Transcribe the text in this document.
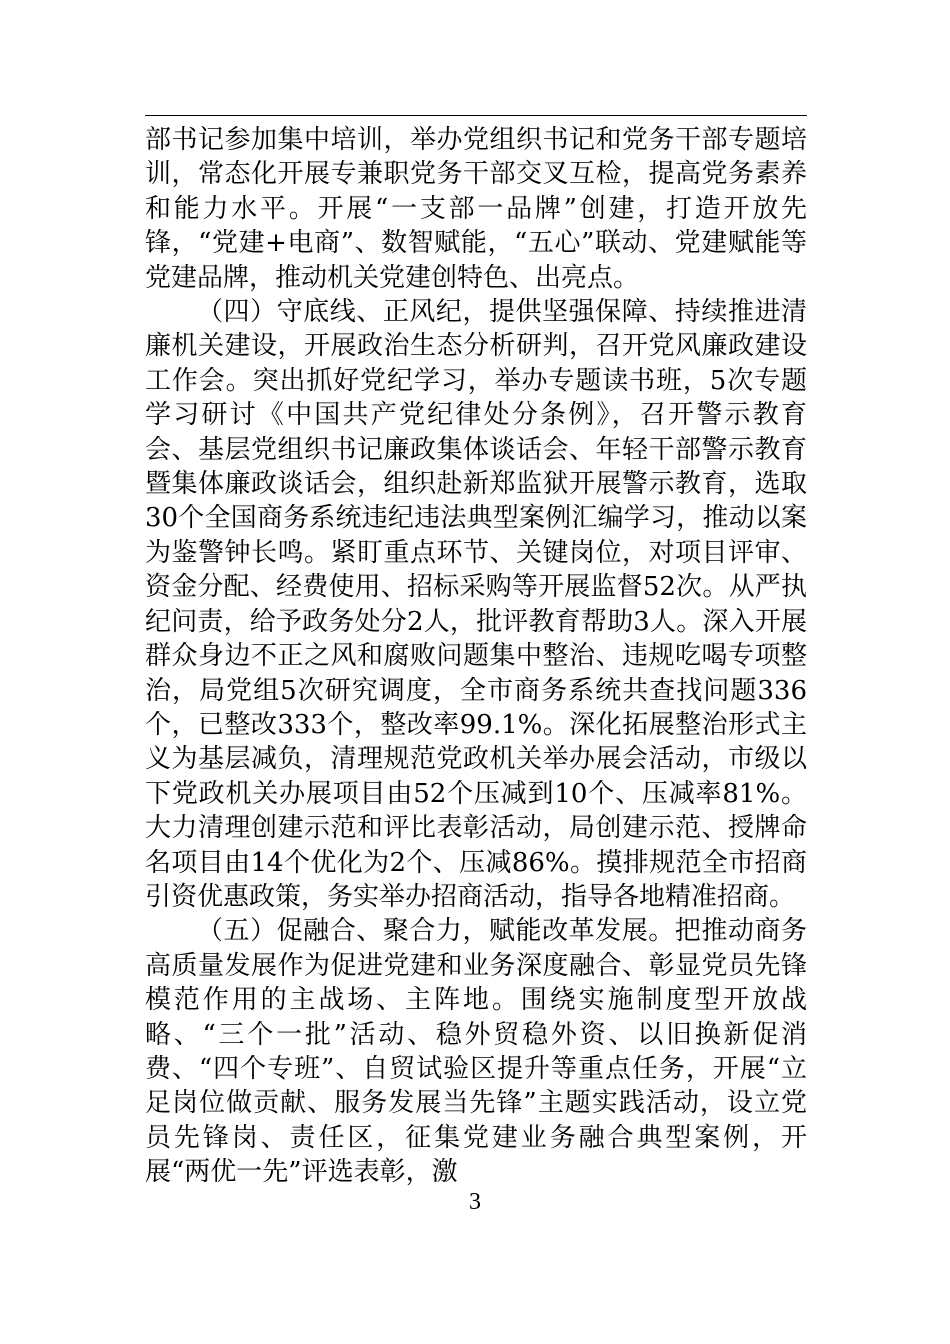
部书记参加集中培训，举办党组织书记和党务干部专题培训，常态化开展专兼职党务干部交叉互检，提高党务素养和能力水平。开展“一支部一品牌”创建，打造开放先锋，“党建+电商”、数智赋能，“五心”联动、党建赋能等党建品牌，推动机关党建创特色、出亮点。

（四）守底线、正风纪，提供坚强保障、持续推进清廉机关建设，开展政治生态分析研判，召开党风廉政建设工作会。突出抓好党纪学习，举办专题读书班，5次专题学习研讨《中国共产党纪律处分条例》，召开警示教育会、基层党组织书记廉政集体谈话会、年轻干部警示教育暨集体廉政谈话会，组织赴新郑监狱开展警示教育，选取30个全国商务系统违纪违法典型案例汇编学习，推动以案为鉴警钟长鸣。紧盯重点环节、关键岗位，对项目评审、资金分配、经费使用、招标采购等开展监督52次。从严执纪问责，给予政务处分2人，批评教育帮助3人。深入开展群众身边不正之风和腐败问题集中整治、违规吃喝专项整治，局党组5次研究调度，全市商务系统共查找问题336个，已整改333个，整改率99.1%。深化拓展整治形式主义为基层减负，清理规范党政机关举办展会活动，市级以下党政机关办展项目由52个压减到10个、压减率81%。大力清理创建示范和评比表彰活动，局创建示范、授牌命名项目由14个优化为2个、压减86%。摸排规范全市招商引资优惠政策，务实举办招商活动，指导各地精准招商。

（五）促融合、聚合力，赋能改革发展。把推动商务高质量发展作为促进党建和业务深度融合、彰显党员先锋模范作用的主战场、主阵地。围绕实施制度型开放战略、“三个一批”活动、稳外贸稳外资、以旧换新促消费、“四个专班”、自贸试验区提升等重点任务，开展“立足岗位做贡献、服务发展当先锋”主题实践活动，设立党员先锋岗、责任区，征集党建业务融合典型案例，开展“两优一先”评选表彰，激

3
